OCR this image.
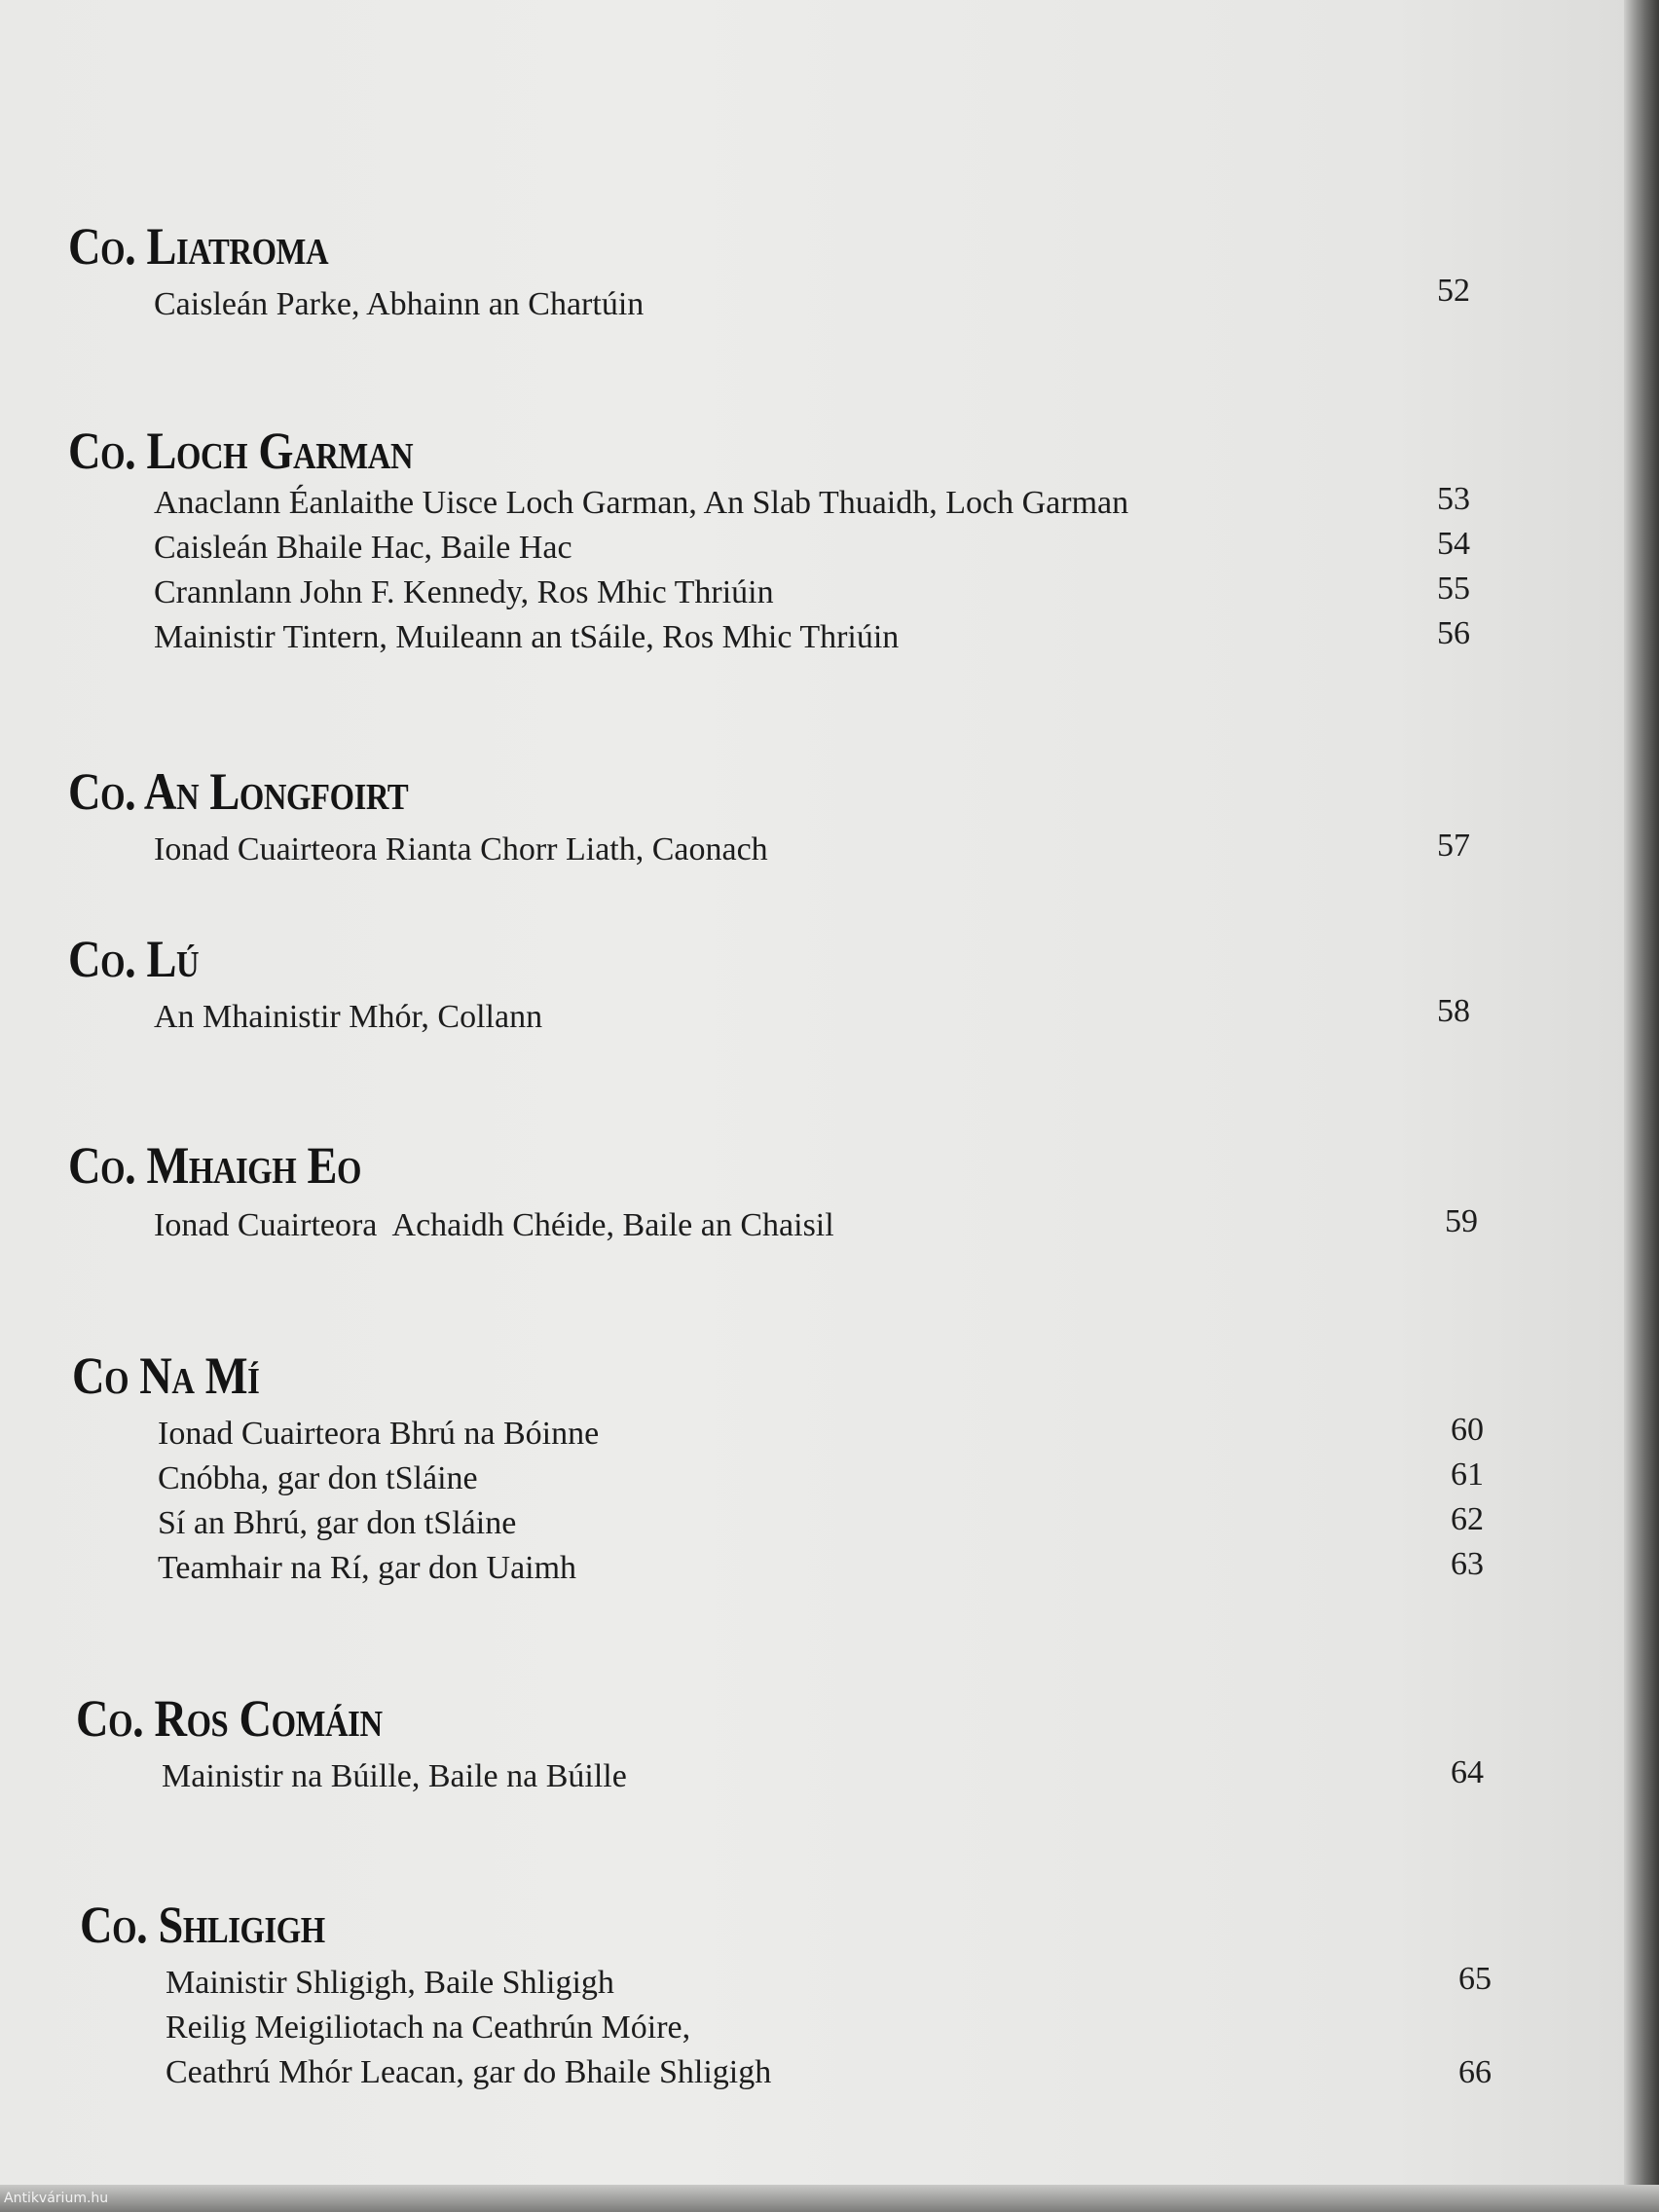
Co. Liatroma
Caisleán Parke, Abhainn an Chartúin	52
Co. Loch Garman
Anaclann Éanlaithe Uisce Loch Garman, An Slab Thuaidh, Loch Garman	53
Caisleán Bhaile Hac, Baile Hac	54
Crannlann John F. Kennedy, Ros Mhic Thriúin	55
Mainistir Tintern, Muileann an tSáile, Ros Mhic Thriúin	56
Co. An Longfoirt
Ionad Cuairteora Rianta Chorr Liath, Caonach	57
Co. Lú
An Mhainistir Mhór, Collann	58
Co. Mhaigh Eo
Ionad Cuairteora  Achaidh Chéide, Baile an Chaisil	59
Co Na Mí
Ionad Cuairteora Bhrú na Bóinne	60
Cnóbha, gar don tSláine	61
Sí an Bhrú, gar don tSláine	62
Teamhair na Rí, gar don Uaimh	63
Co. Ros Comáin
Mainistir na Búille, Baile na Búille	64
Co. Shligigh
Mainistir Shligigh, Baile Shligigh	65
Reilig Meigiliotach na Ceathrún Móire,
Ceathrú Mhór Leacan, gar do Bhaile Shligigh	66
Antikvárium.hu
